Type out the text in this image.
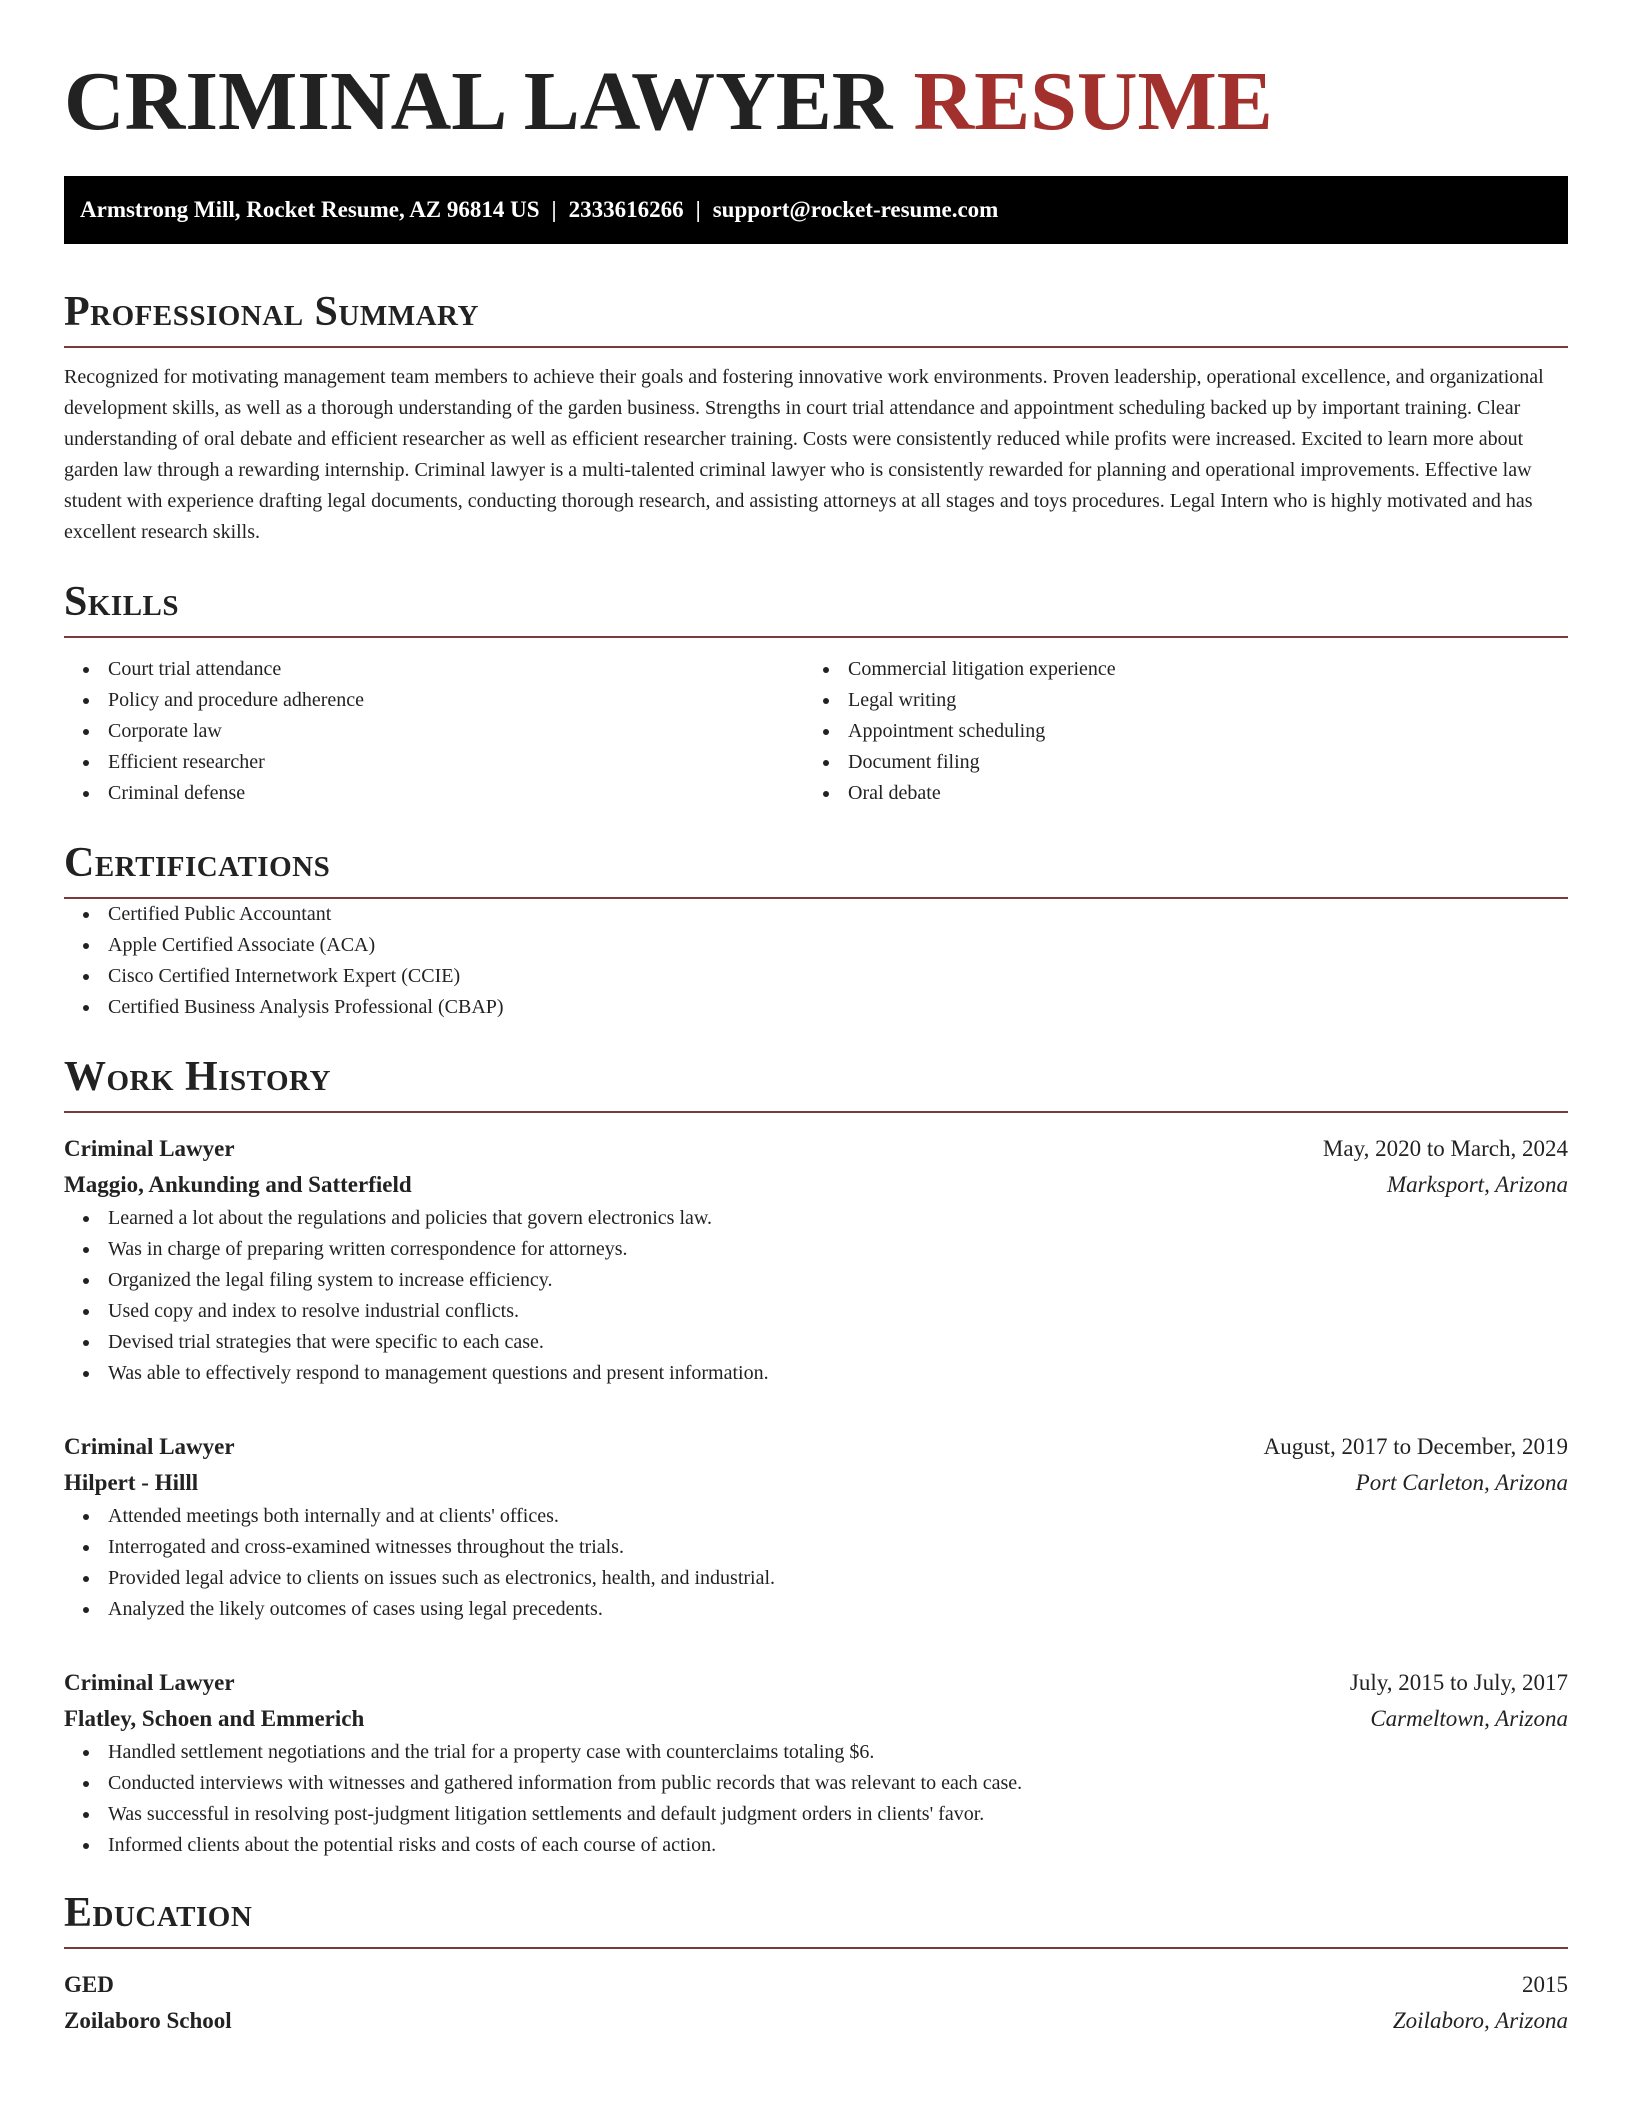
CRIMINAL LAWYER RESUME
Armstrong Mill, Rocket Resume, AZ 96814 US | 2333616266 | support@rocket-resume.com
Professional Summary

Recognized for motivating management team members to achieve their goals and fostering innovative work environments. Proven leadership, operational excellence, and organizational development skills, as well as a thorough understanding of the garden business. Strengths in court trial attendance and appointment scheduling backed up by important training. Clear understanding of oral debate and efficient researcher as well as efficient researcher training. Costs were consistently reduced while profits were increased. Excited to learn more about garden law through a rewarding internship. Criminal lawyer is a multi-talented criminal lawyer who is consistently rewarded for planning and operational improvements. Effective law student with experience drafting legal documents, conducting thorough research, and assisting attorneys at all stages and toys procedures. Legal Intern who is highly motivated and has excellent research skills.

Skills
Court trial attendance
Policy and procedure adherence
Corporate law
Efficient researcher
Criminal defense
Commercial litigation experience
Legal writing
Appointment scheduling
Document filing
Oral debate
Certifications
Certified Public Accountant
Apple Certified Associate (ACA)
Cisco Certified Internetwork Expert (CCIE)
Certified Business Analysis Professional (CBAP)
Work History
Criminal Lawyer	May, 2020 to March, 2024
Maggio, Ankunding and Satterfield	Marksport, Arizona
Learned a lot about the regulations and policies that govern electronics law.
Was in charge of preparing written correspondence for attorneys.
Organized the legal filing system to increase efficiency.
Used copy and index to resolve industrial conflicts.
Devised trial strategies that were specific to each case.
Was able to effectively respond to management questions and present information.
Criminal Lawyer	August, 2017 to December, 2019
Hilpert - Hilll	Port Carleton, Arizona
Attended meetings both internally and at clients' offices.
Interrogated and cross-examined witnesses throughout the trials.
Provided legal advice to clients on issues such as electronics, health, and industrial.
Analyzed the likely outcomes of cases using legal precedents.
Criminal Lawyer	July, 2015 to July, 2017
Flatley, Schoen and Emmerich	Carmeltown, Arizona
Handled settlement negotiations and the trial for a property case with counterclaims totaling $6.
Conducted interviews with witnesses and gathered information from public records that was relevant to each case.
Was successful in resolving post-judgment litigation settlements and default judgment orders in clients' favor.
Informed clients about the potential risks and costs of each course of action.
Education
GED	2015
Zoilaboro School	Zoilaboro, Arizona
